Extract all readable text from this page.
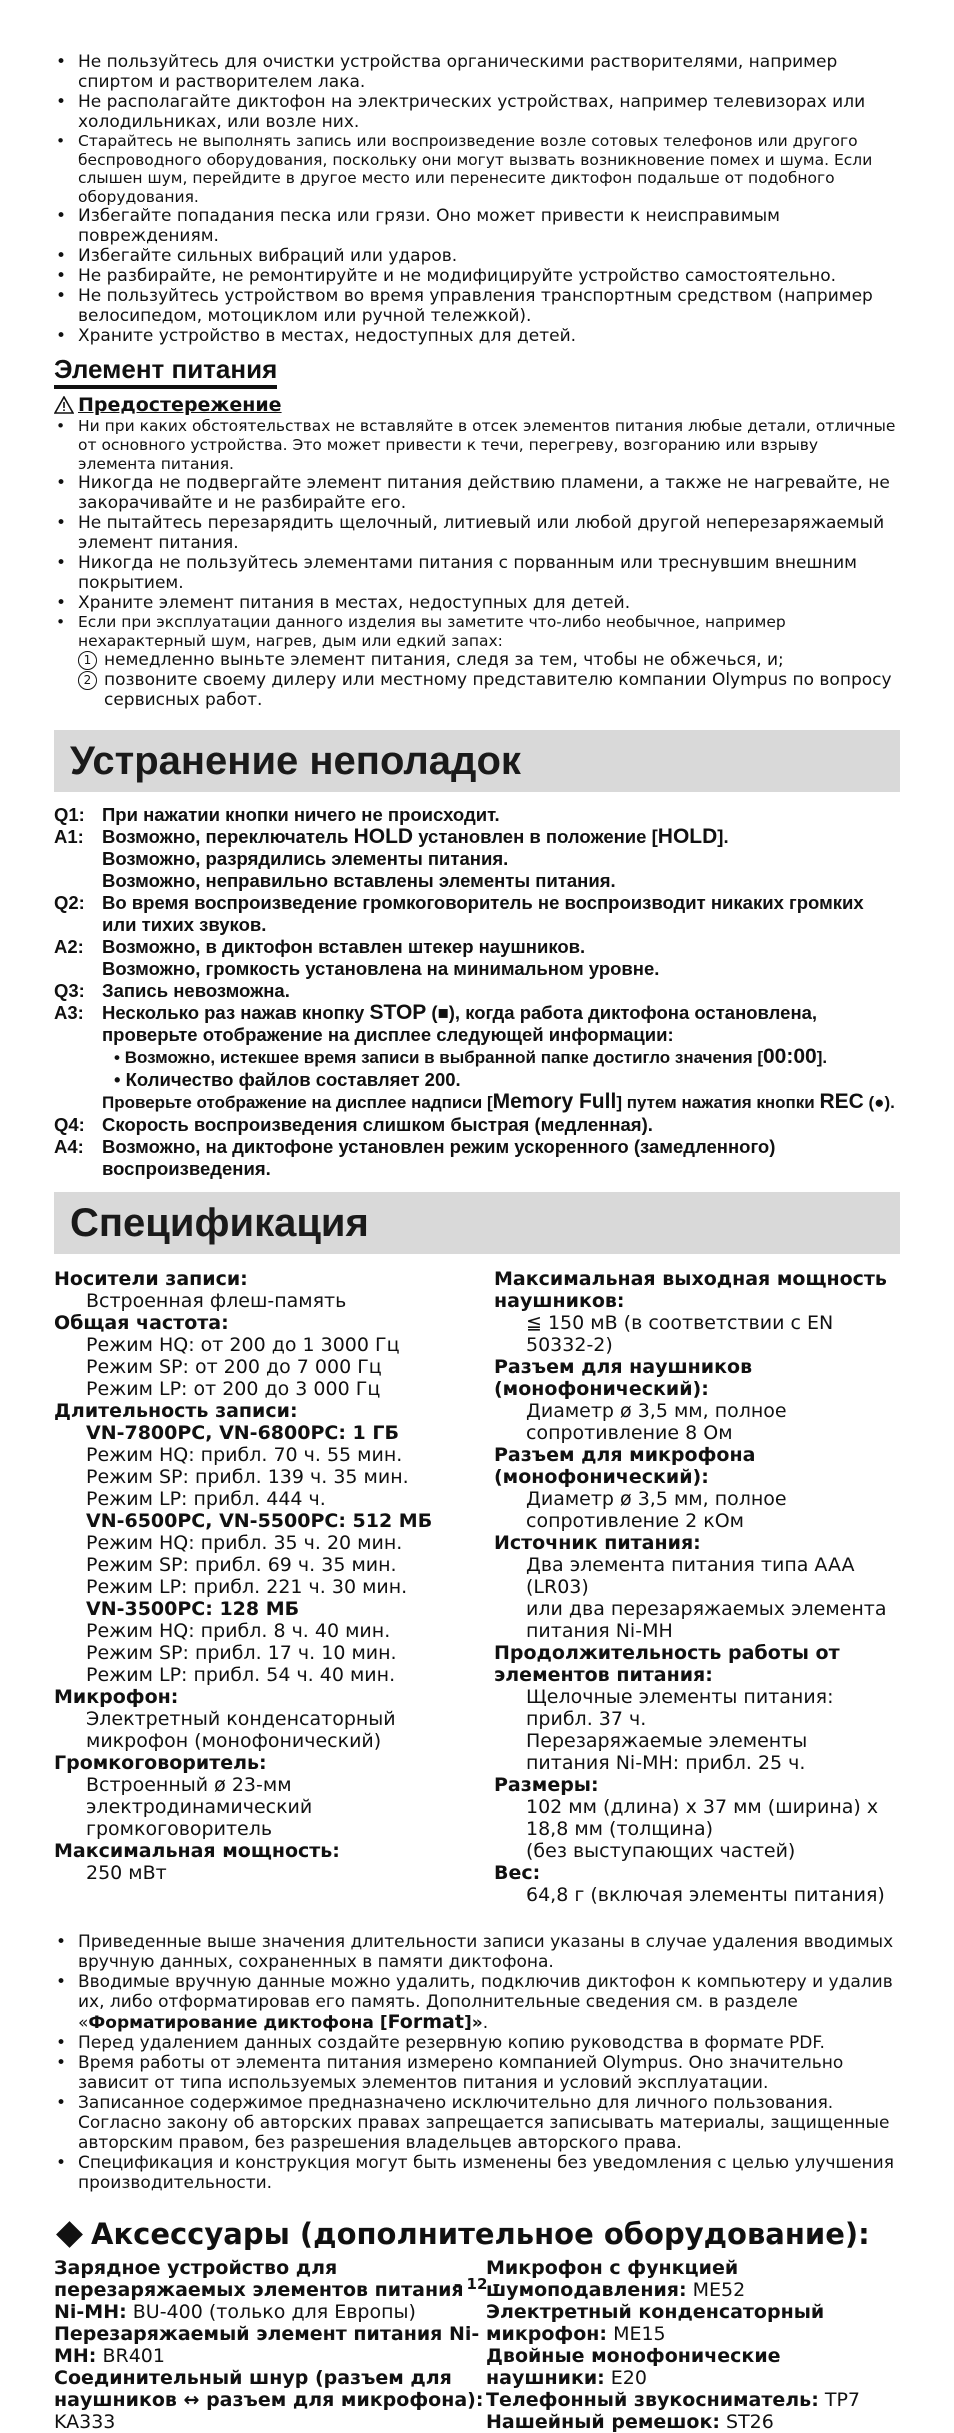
• Не пользуйтесь для очистки устройства органическими растворителями, например спиртом и растворителем лака.
• Не располагайте диктофон на электрических устройствах, например телевизорах или холодильниках, или возле них.
• Старайтесь не выполнять запись или воспроизведение возле сотовых телефонов или другого беспроводного оборудования, поскольку они могут вызвать возникновение помех и шума. Если слышен шум, перейдите в другое место или перенесите диктофон подальше от подобного оборудования.
• Избегайте попадания песка или грязи. Оно может привести к неисправимым повреждениям.
• Избегайте сильных вибраций или ударов.
• Не разбирайте, не ремонтируйте и не модифицируйте устройство самостоятельно.
• Не пользуйтесь устройством во время управления транспортным средством (например велосипедом, мотоциклом или ручной тележкой).
• Храните устройство в местах, недоступных для детей.
Элемент питания
Предостережение
• Ни при каких обстоятельствах не вставляйте в отсек элементов питания любые детали, отличные от основного устройства. Это может привести к течи, перегреву, возгоранию или взрыву элемента питания.
• Никогда не подвергайте элемент питания действию пламени, а также не нагревайте, не закорачивайте и не разбирайте его.
• Не пытайтесь перезарядить щелочный, литиевый или любой другой неперезаряжаемый элемент питания.
• Никогда не пользуйтесь элементами питания с порванным или треснувшим внешним покрытием.
• Храните элемент питания в местах, недоступных для детей.
• Если при эксплуатации данного изделия вы заметите что-либо необычное, например нехарактерный шум, нагрев, дым или едкий запах:
1 немедленно выньте элемент питания, следя за тем, чтобы не обжечься, и;
2 позвоните своему дилеру или местному представителю компании Olympus по вопросу сервисных работ.
Устранение неполадок
Q1: При нажатии кнопки ничего не происходит.
A1: Возможно, переключатель HOLD установлен в положение [HOLD].
Возможно, разрядились элементы питания.
Возможно, неправильно вставлены элементы питания.
Q2: Во время воспроизведение громкоговоритель не воспроизводит никаких громких или тихих звуков.
A2: Возможно, в диктофон вставлен штекер наушников.
Возможно, громкость установлена на минимальном уровне.
Q3: Запись невозможна.
A3: Несколько раз нажав кнопку STOP (■), когда работа диктофона остановлена, проверьте отображение на дисплее следующей информации:
• Возможно, истекшее время записи в выбранной папке достигло значения [00:00].
• Количество файлов составляет 200.
Проверьте отображение на дисплее надписи [Memory Full] путем нажатия кнопки REC (●).
Q4: Скорость воспроизведения слишком быстрая (медленная).
A4: Возможно, на диктофоне установлен режим ускоренного (замедленного) воспроизведения.
Спецификация
Носители записи:
Встроенная флеш-память
Общая частота:
Режим HQ: от 200 до 1 3000 Гц
Режим SP: от 200 до 7 000 Гц
Режим LP: от 200 до 3 000 Гц
Длительность записи:
VN-7800PC, VN-6800PC: 1 ГБ
Режим HQ: прибл. 70 ч. 55 мин.
Режим SP: прибл. 139 ч. 35 мин.
Режим LP: прибл. 444 ч.
VN-6500PC, VN-5500PC: 512 МБ
Режим HQ: прибл. 35 ч. 20 мин.
Режим SP: прибл. 69 ч. 35 мин.
Режим LP: прибл. 221 ч. 30 мин.
VN-3500PC: 128 МБ
Режим HQ: прибл. 8 ч. 40 мин.
Режим SP: прибл. 17 ч. 10 мин.
Режим LP: прибл. 54 ч. 40 мин.
Микрофон:
Электретный конденсаторный
микрофон (монофонический)
Громкоговоритель:
Встроенный ø 23-мм
электродинамический громкоговоритель
Максимальная мощность:
250 мВт
Максимальная выходная мощность
наушников:
≦ 150 мВ (в соответствии с EN 50332-2)
Разъем для наушников
(монофонический):
Диаметр ø 3,5 мм, полное
сопротивление 8 Ом
Разъем для микрофона
(монофонический):
Диаметр ø 3,5 мм, полное
сопротивление 2 кОм
Источник питания:
Два элемента питания типа AAA (LR03)
или два перезаряжаемых элемента
питания Ni-MH
Продолжительность работы от
элементов питания:
Щелочные элементы питания:
прибл. 37 ч.
Перезаряжаемые элементы
питания Ni-MH: прибл. 25 ч.
Размеры:
102 мм (длина) x 37 мм (ширина) x
18,8 мм (толщина)
(без выступающих частей)
Вес:
64,8 г (включая элементы питания)
• Приведенные выше значения длительности записи указаны в случае удаления вводимых вручную данных, сохраненных в памяти диктофона.
• Вводимые вручную данные можно удалить, подключив диктофон к компьютеру и удалив их, либо отформатировав его память. Дополнительные сведения см. в разделе «Форматирование диктофона [Format]».
• Перед удалением данных создайте резервную копию руководства в формате PDF.
• Время работы от элемента питания измерено компанией Olympus. Оно значительно зависит от типа используемых элементов питания и условий эксплуатации.
• Записанное содержимое предназначено исключительно для личного пользования. Согласно закону об авторских правах запрещается записывать материалы, защищенные авторским правом, без разрешения владельцев авторского права.
• Спецификация и конструкция могут быть изменены без уведомления с целью улучшения производительности.
Аксессуары (дополнительное оборудование):
Зарядное устройство для перезаряжаемых элементов питания Ni-MH: BU-400 (только для Европы)
Перезаряжаемый элемент питания Ni-MH: BR401
Соединительный шнур (разъем для наушников ↔ разъем для микрофона): KA333
Микрофон с функцией шумоподавления: ME52
Электретный конденсаторный микрофон: ME15
Двойные монофонические наушники: E20
Телефонный звукосниматель: TP7
Нашейный ремешок: ST26
– 12 –
